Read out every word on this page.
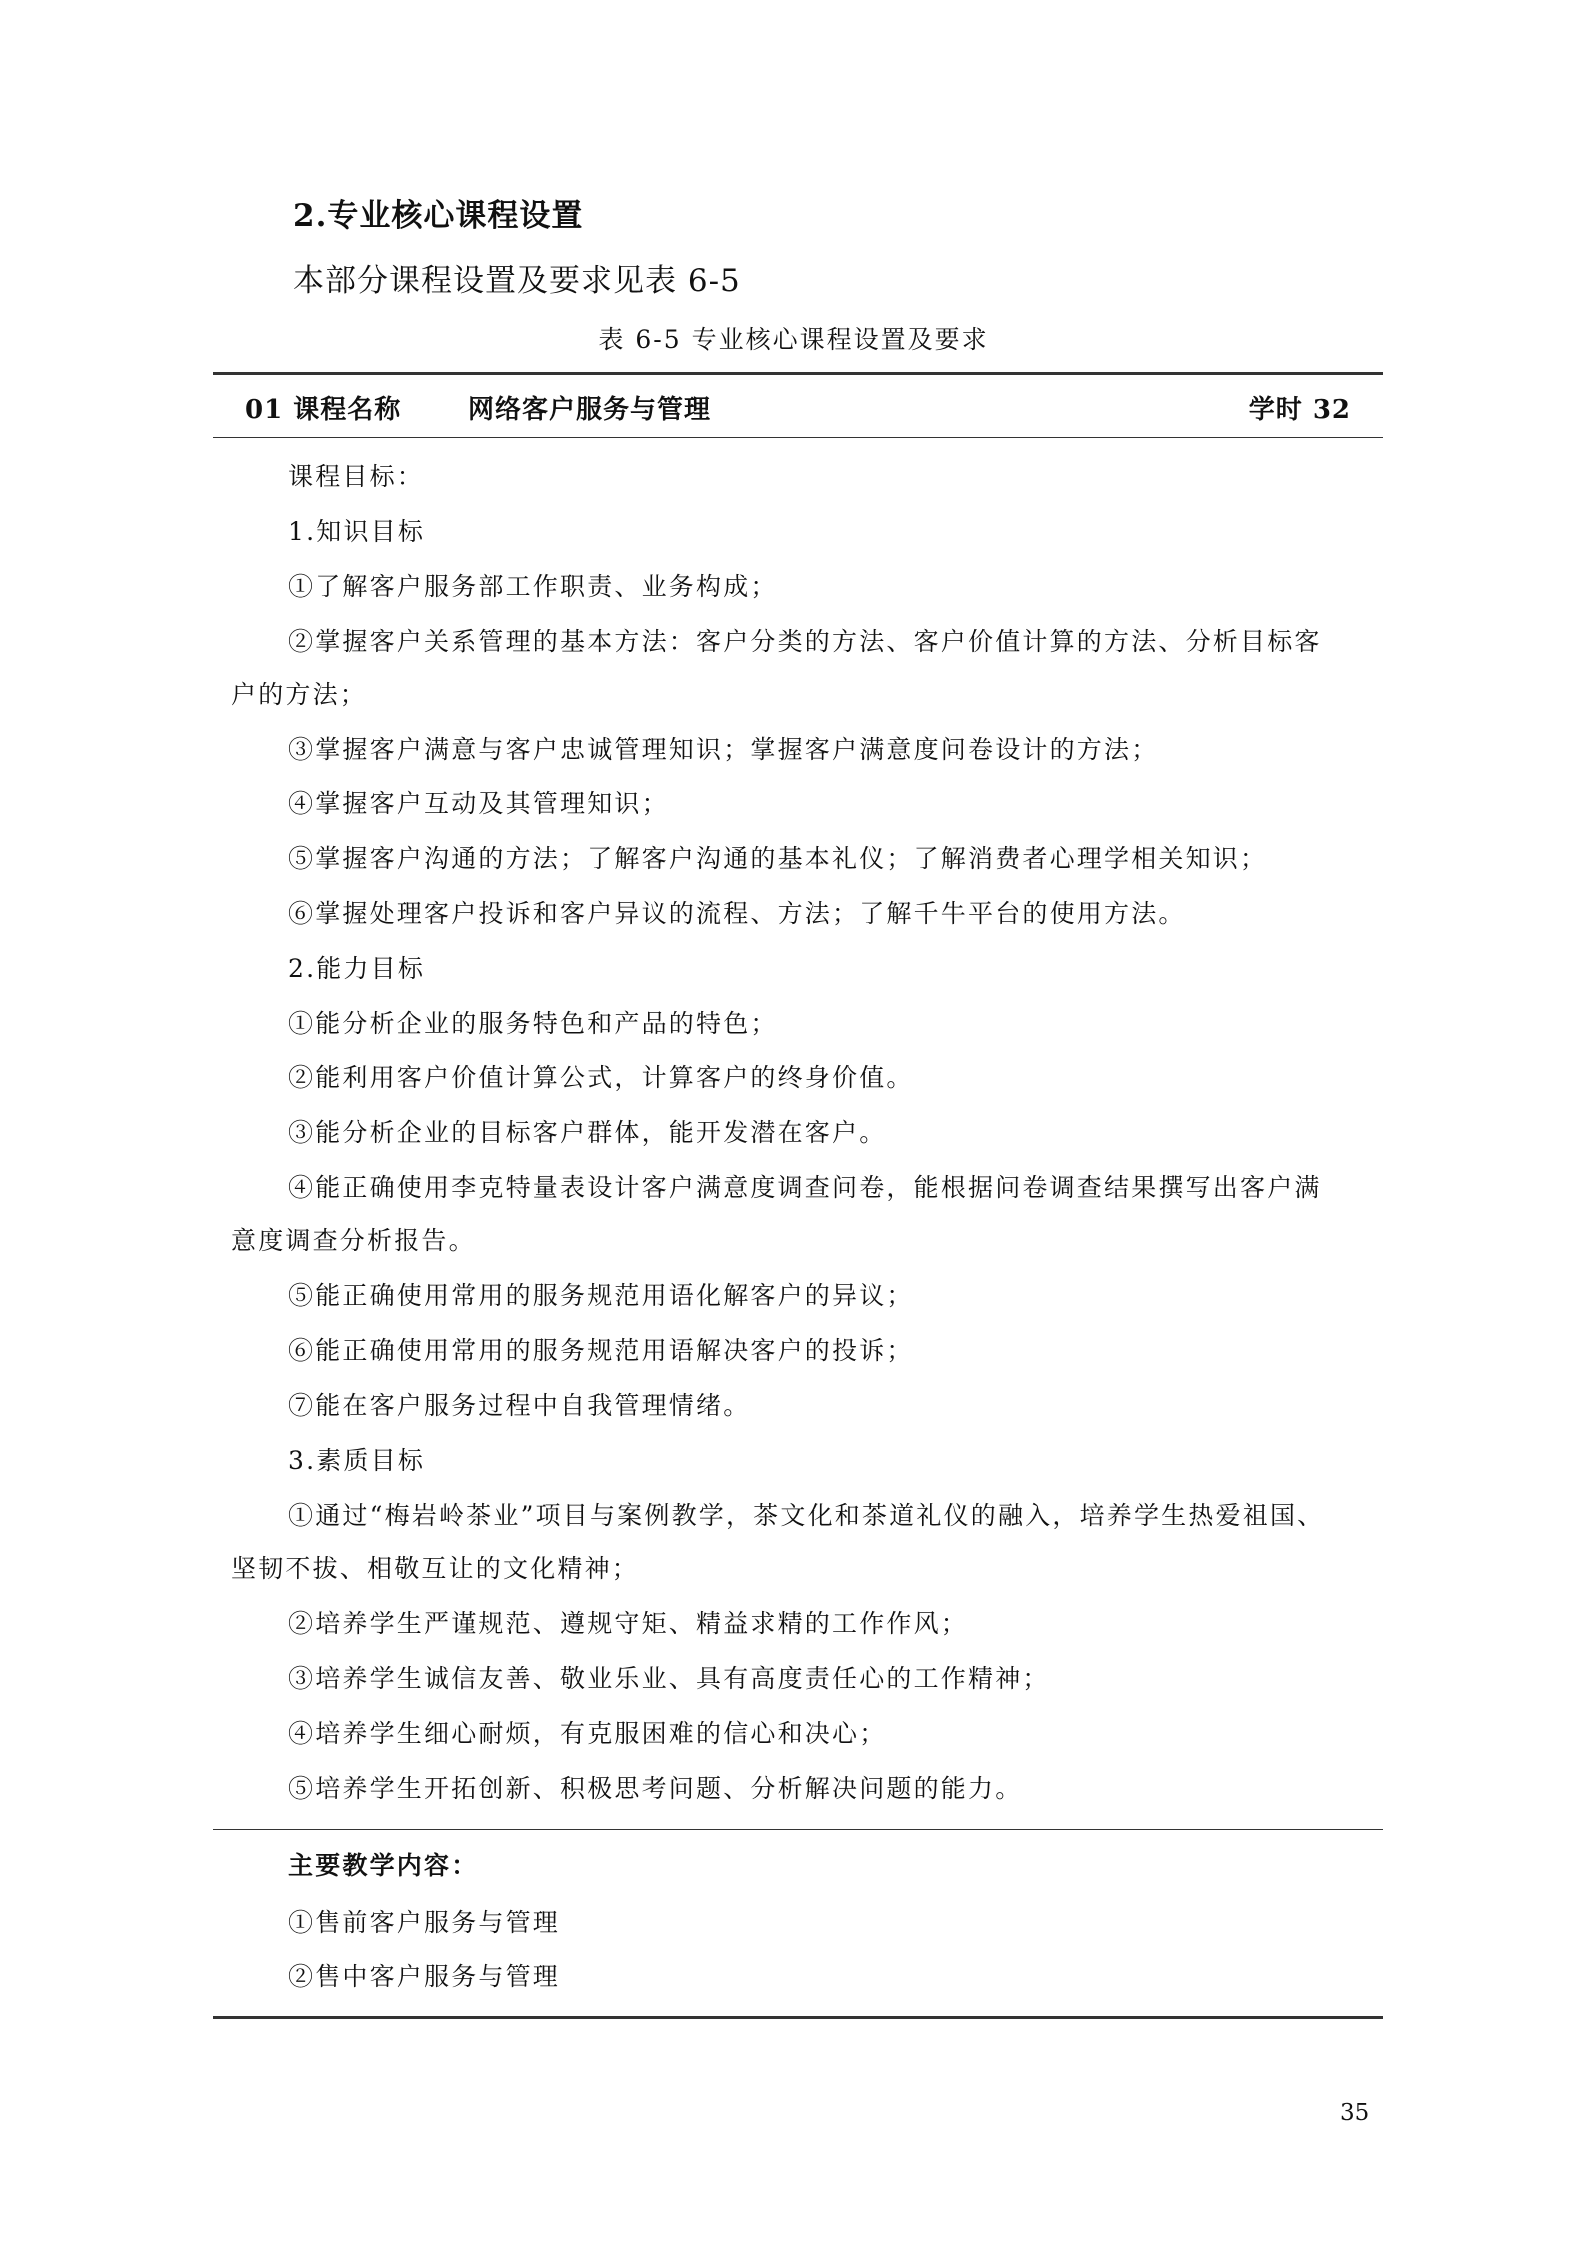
2.专业核心课程设置
本部分课程设置及要求见表 6-5
表 6-5 专业核心课程设置及要求
01 课程名称	网络客户服务与管理	学时 32
课程目标：
1.知识目标
①了解客户服务部工作职责、业务构成；
②掌握客户关系管理的基本方法：客户分类的方法、客户价值计算的方法、分析目标客
户的方法；
③掌握客户满意与客户忠诚管理知识；掌握客户满意度问卷设计的方法；
④掌握客户互动及其管理知识；
⑤掌握客户沟通的方法；了解客户沟通的基本礼仪；了解消费者心理学相关知识；
⑥掌握处理客户投诉和客户异议的流程、方法；了解千牛平台的使用方法。
2.能力目标
①能分析企业的服务特色和产品的特色；
②能利用客户价值计算公式，计算客户的终身价值。
③能分析企业的目标客户群体，能开发潜在客户。
④能正确使用李克特量表设计客户满意度调查问卷，能根据问卷调查结果撰写出客户满
意度调查分析报告。
⑤能正确使用常用的服务规范用语化解客户的异议；
⑥能正确使用常用的服务规范用语解决客户的投诉；
⑦能在客户服务过程中自我管理情绪。
3.素质目标
①通过“梅岩岭茶业”项目与案例教学，茶文化和茶道礼仪的融入，培养学生热爱祖国、
坚韧不拔、相敬互让的文化精神；
②培养学生严谨规范、遵规守矩、精益求精的工作作风；
③培养学生诚信友善、敬业乐业、具有高度责任心的工作精神；
④培养学生细心耐烦，有克服困难的信心和决心；
⑤培养学生开拓创新、积极思考问题、分析解决问题的能力。
主要教学内容：
①售前客户服务与管理
②售中客户服务与管理
35
